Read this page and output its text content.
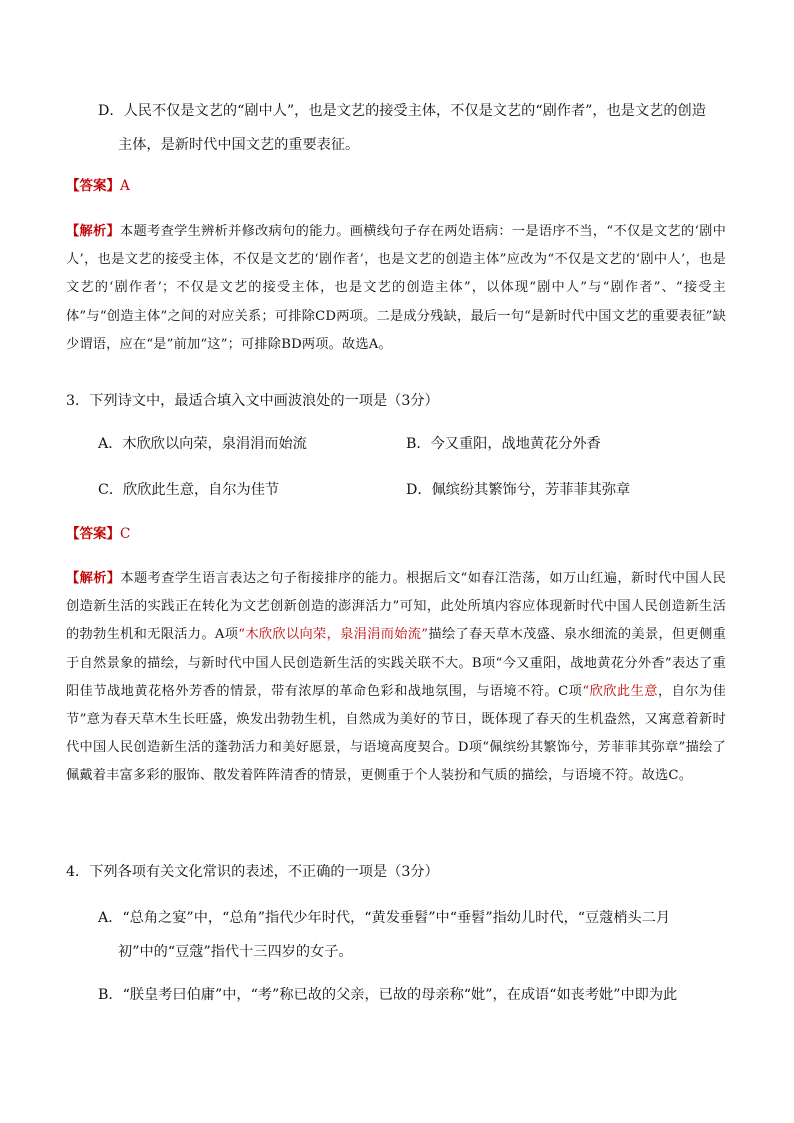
D．人民不仅是文艺的“剧中人”，也是文艺的接受主体，不仅是文艺的“剧作者”，也是文艺的创造
主体，是新时代中国文艺的重要表征。
【答案】A
【解析】本题考查学生辨析并修改病句的能力。画横线句子存在两处语病：一是语序不当，“不仅是文艺的‘剧中人’，也是文艺的接受主体，不仅是文艺的‘剧作者’，也是文艺的创造主体”应改为“不仅是文艺的‘剧中人’，也是文艺的‘剧作者’；不仅是文艺的接受主体，也是文艺的创造主体”，以体现“剧中人”与“剧作者”、“接受主体”与“创造主体”之间的对应关系；可排除CD两项。二是成分残缺，最后一句“是新时代中国文艺的重要表征”缺少谓语，应在“是”前加“这”；可排除BD两项。故选A。
3．下列诗文中，最适合填入文中画波浪处的一项是（3分）
A．木欣欣以向荣，泉涓涓而始流	B．今又重阳，战地黄花分外香
C．欣欣此生意，自尔为佳节	D．佩缤纷其繁饰兮，芳菲菲其弥章
【答案】C
【解析】本题考查学生语言表达之句子衔接排序的能力。根据后文“如春江浩荡，如万山红遍，新时代中国人民创造新生活的实践正在转化为文艺创新创造的澎湃活力”可知，此处所填内容应体现新时代中国人民创造新生活的勃勃生机和无限活力。A项“木欣欣以向荣，泉涓涓而始流”描绘了春天草木茂盛、泉水细流的美景，但更侧重于自然景象的描绘，与新时代中国人民创造新生活的实践关联不大。B项“今又重阳，战地黄花分外香”表达了重阳佳节战地黄花格外芳香的情景，带有浓厚的革命色彩和战地氛围，与语境不符。C项“欣欣此生意，自尔为佳节”意为春天草木生长旺盛，焕发出勃勃生机，自然成为美好的节日，既体现了春天的生机盎然，又寓意着新时代中国人民创造新生活的蓬勃活力和美好愿景，与语境高度契合。D项“佩缤纷其繁饰兮，芳菲菲其弥章”描绘了佩戴着丰富多彩的服饰、散发着阵阵清香的情景，更侧重于个人装扮和气质的描绘，与语境不符。故选C。
4．下列各项有关文化常识的表述，不正确的一项是（3分）
A．“总角之宴”中，“总角”指代少年时代，“黄发垂髫”中“垂髫”指幼儿时代，“豆蔻梢头二月
初”中的“豆蔻”指代十三四岁的女子。
B．“朕皇考曰伯庸”中，“考”称已故的父亲，已故的母亲称“妣”，在成语“如丧考妣”中即为此
